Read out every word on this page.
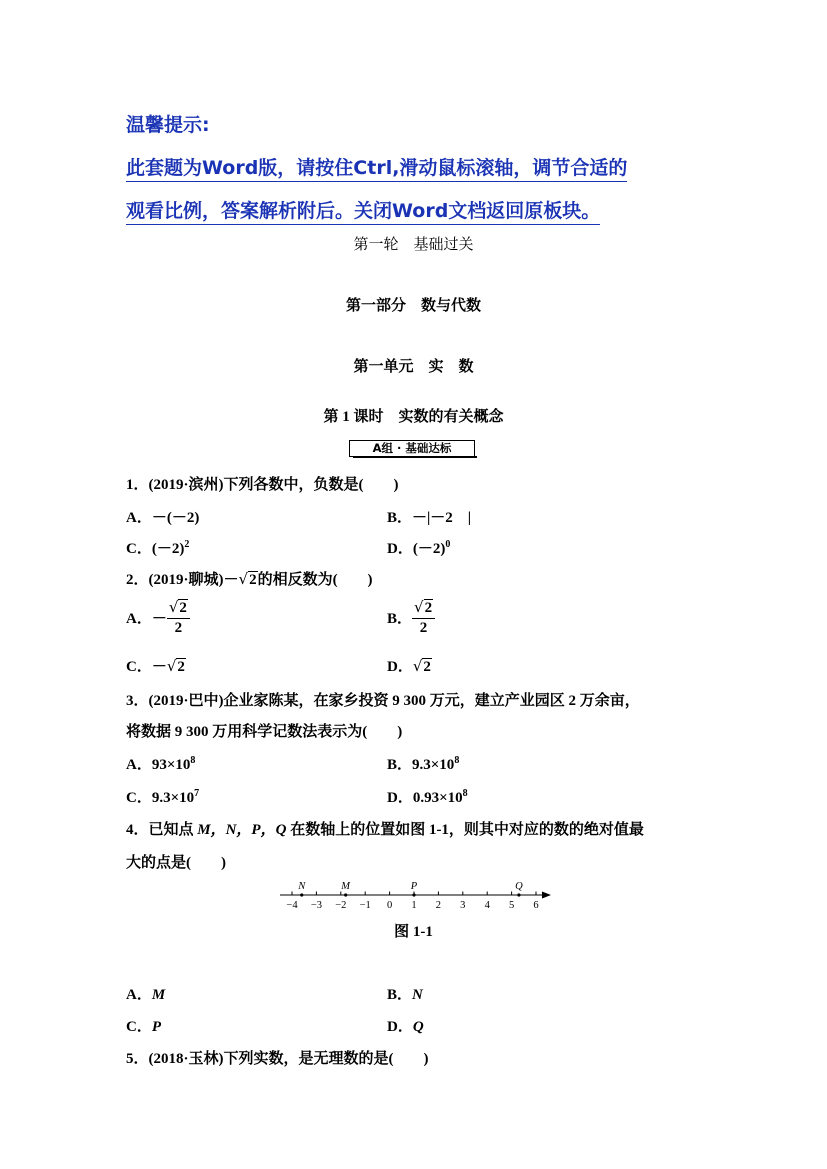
温馨提示:
此套题为Word版，请按住Ctrl,滑动鼠标滚轴，调节合适的
观看比例，答案解析附后。关闭Word文档返回原板块。
第一轮　基础过关
第一部分　数与代数
第一单元　实　数
第 1 课时　实数的有关概念
A组 · 基础达标
1．(2019·滨州)下列各数中，负数是(　　)
A．－(－2)	B．－|－2　|
C．$(-2)^2$	D．$(-2)^0$
2．(2019·聊城)－√2的相反数为(　　)
A．－ $\frac{√2}{2}$	B． $\frac{√2}{2}$
C．－√2	D．√2
3．(2019·巴中)企业家陈某，在家乡投资 9 300 万元，建立产业园区 2 万余亩，
将数据 9 300 万用科学记数法表示为(　　)
A．$93\times 10^8$	B．$9.3\times 10^8$
C．$9.3\times 10^7$	D．$0.93\times 10^8$
4．已知点 M，N，P，Q 在数轴上的位置如图 1-1，则其中对应的数的绝对值最
大的点是(　　)
−4 −3 −2 −1 0 1 2 3 4 5 6
N	M	P	Q
图 1-1
A．M	B．N
C．P	D．Q
5．(2018·玉林)下列实数，是无理数的是(　　)
